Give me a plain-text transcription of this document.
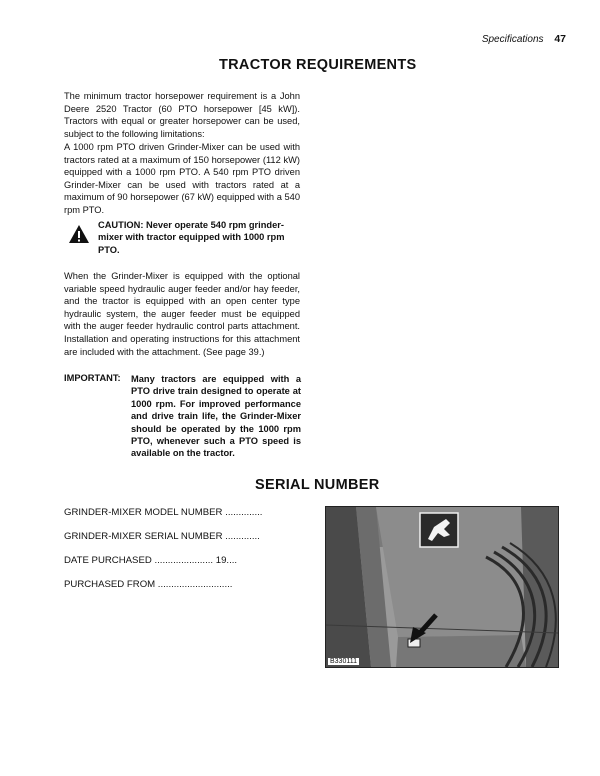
Specifications 47
TRACTOR REQUIREMENTS
The minimum tractor horsepower requirement is a John Deere 2520 Tractor (60 PTO horsepower [45 kW]). Tractors with equal or greater horsepower can be used, subject to the following limitations:
A 1000 rpm PTO driven Grinder-Mixer can be used with tractors rated at a maximum of 150 horsepower (112 kW) equipped with a 1000 rpm PTO. A 540 rpm PTO driven Grinder-Mixer can be used with tractors rated at a maximum of 90 horsepower (67 kW) equipped with a 540 rpm PTO.
CAUTION: Never operate 540 rpm grinder-mixer with tractor equipped with 1000 rpm PTO.
When the Grinder-Mixer is equipped with the optional variable speed hydraulic auger feeder and/or hay feeder, and the tractor is equipped with an open center type hydraulic system, the auger feeder must be equipped with the auger feeder hydraulic control parts attachment. Installation and operating instructions for this attachment are included with the attachment. (See page 39.)
IMPORTANT: Many tractors are equipped with a PTO drive train designed to operate at 1000 rpm. For improved performance and drive train life, the Grinder-Mixer should be operated by the 1000 rpm PTO, whenever such a PTO speed is available on the tractor.
SERIAL NUMBER
GRINDER-MIXER MODEL NUMBER ..............
GRINDER-MIXER SERIAL NUMBER .............
DATE PURCHASED ...................... 19....
PURCHASED FROM ............................
B330111
